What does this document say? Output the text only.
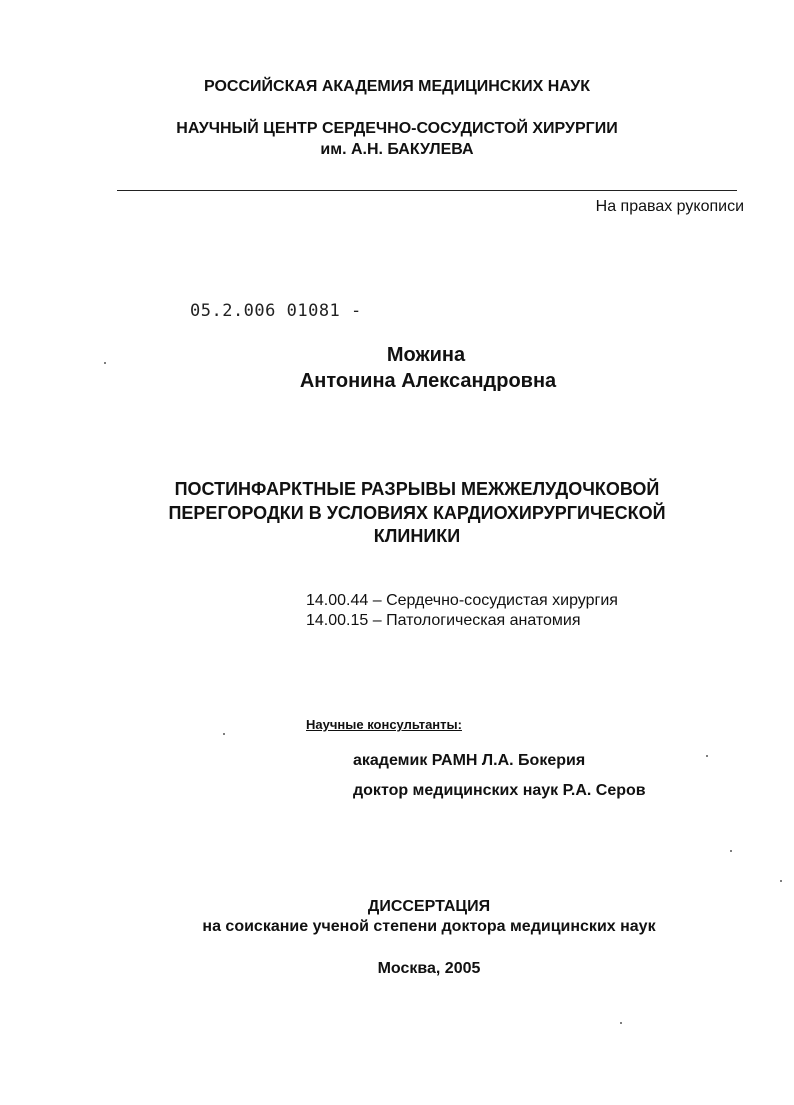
РОССИЙСКАЯ АКАДЕМИЯ МЕДИЦИНСКИХ НАУК
НАУЧНЫЙ ЦЕНТР СЕРДЕЧНО-СОСУДИСТОЙ ХИРУРГИИ
им. А.Н. БАКУЛЕВА
На правах рукописи
05.2.006 01081 -
Можина
Антонина Александровна
ПОСТИНФАРКТНЫЕ РАЗРЫВЫ МЕЖЖЕЛУДОЧКОВОЙ
ПЕРЕГОРОДКИ В УСЛОВИЯХ КАРДИОХИРУРГИЧЕСКОЙ
КЛИНИКИ
14.00.44 – Сердечно-сосудистая хирургия
14.00.15 – Патологическая анатомия
Научные консультанты:
академик РАМН Л.А. Бокерия
доктор медицинских наук Р.А. Серов
ДИССЕРТАЦИЯ
на соискание ученой степени доктора медицинских наук
Москва, 2005
